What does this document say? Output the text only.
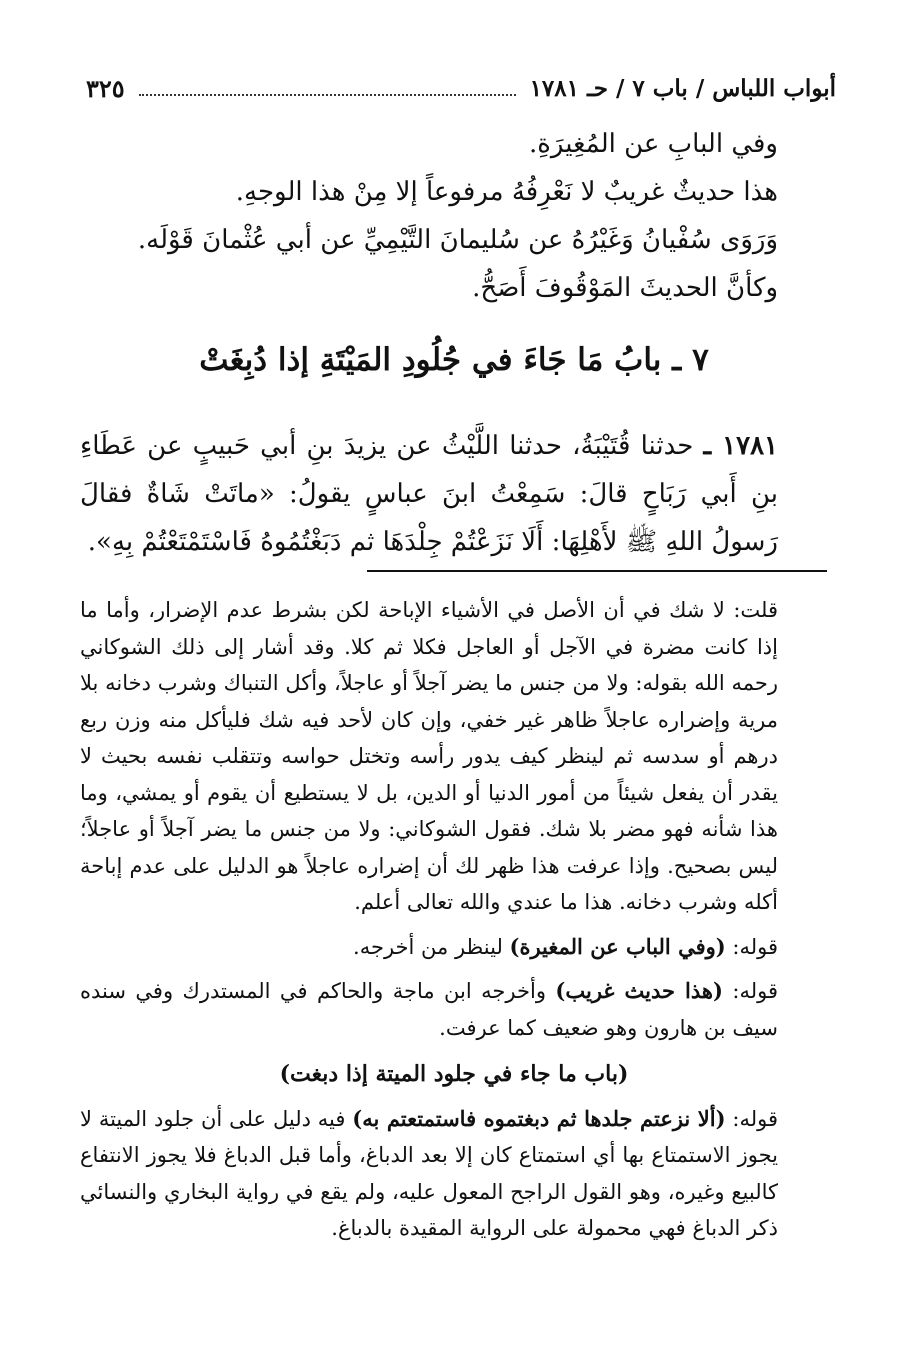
أبواب اللباس / باب ٧ / حـ ١٧٨١
٣٢٥

وفي البابِ عن المُغِيرَةِ.

هذا حديثٌ غريبٌ لا نَعْرِفُهُ مرفوعاً إلا مِنْ هذا الوجهِ.

وَرَوَى سُفْيانُ وَغَيْرُهُ عن سُليمانَ التَّيْمِيِّ عن أبي عُثْمانَ قَوْلَه. وكأنَّ الحديثَ المَوْقُوفَ أَصَحُّ.

٧ ـ بابُ مَا جَاءَ في جُلُودِ المَيْتَةِ إذا دُبِغَتْ

١٧٨١ ـ حدثنا قُتَيْبَةُ، حدثنا اللَّيْثُ عن يزيدَ بنِ أبي حَبيبٍ عن عَطَاءِ بنِ أَبي رَبَاحٍ قالَ: سَمِعْتُ ابنَ عباسٍ يقولُ: «ماتَتْ شَاةٌ فقالَ رَسولُ اللهِ ﷺ لأَهْلِهَا: أَلَا نَزَعْتُمْ جِلْدَهَا ثم دَبَغْتُمُوهُ فَاسْتَمْتَعْتُمْ بِهِ».

قلت: لا شك في أن الأصل في الأشياء الإباحة لكن بشرط عدم الإضرار، وأما ما إذا كانت مضرة في الآجل أو العاجل فكلا ثم كلا. وقد أشار إلى ذلك الشوكاني رحمه الله بقوله: ولا من جنس ما يضر آجلاً أو عاجلاً، وأكل التنباك وشرب دخانه بلا مرية وإضراره عاجلاً ظاهر غير خفي، وإن كان لأحد فيه شك فليأكل منه وزن ربع درهم أو سدسه ثم لينظر كيف يدور رأسه وتختل حواسه وتتقلب نفسه بحيث لا يقدر أن يفعل شيئاً من أمور الدنيا أو الدين، بل لا يستطيع أن يقوم أو يمشي، وما هذا شأنه فهو مضر بلا شك. فقول الشوكاني: ولا من جنس ما يضر آجلاً أو عاجلاً؛ ليس بصحيح. وإذا عرفت هذا ظهر لك أن إضراره عاجلاً هو الدليل على عدم إباحة أكله وشرب دخانه. هذا ما عندي والله تعالى أعلم.

قوله: (وفي الباب عن المغيرة) لينظر من أخرجه.

قوله: (هذا حديث غريب) وأخرجه ابن ماجة والحاكم في المستدرك وفي سنده سيف بن هارون وهو ضعيف كما عرفت.

(باب ما جاء في جلود الميتة إذا دبغت)

قوله: (ألا نزعتم جلدها ثم دبغتموه فاستمتعتم به) فيه دليل على أن جلود الميتة لا يجوز الاستمتاع بها أي استمتاع كان إلا بعد الدباغ، وأما قبل الدباغ فلا يجوز الانتفاع كالبيع وغيره، وهو القول الراجح المعول عليه، ولم يقع في رواية البخاري والنسائي ذكر الدباغ فهي محمولة على الرواية المقيدة بالدباغ.
